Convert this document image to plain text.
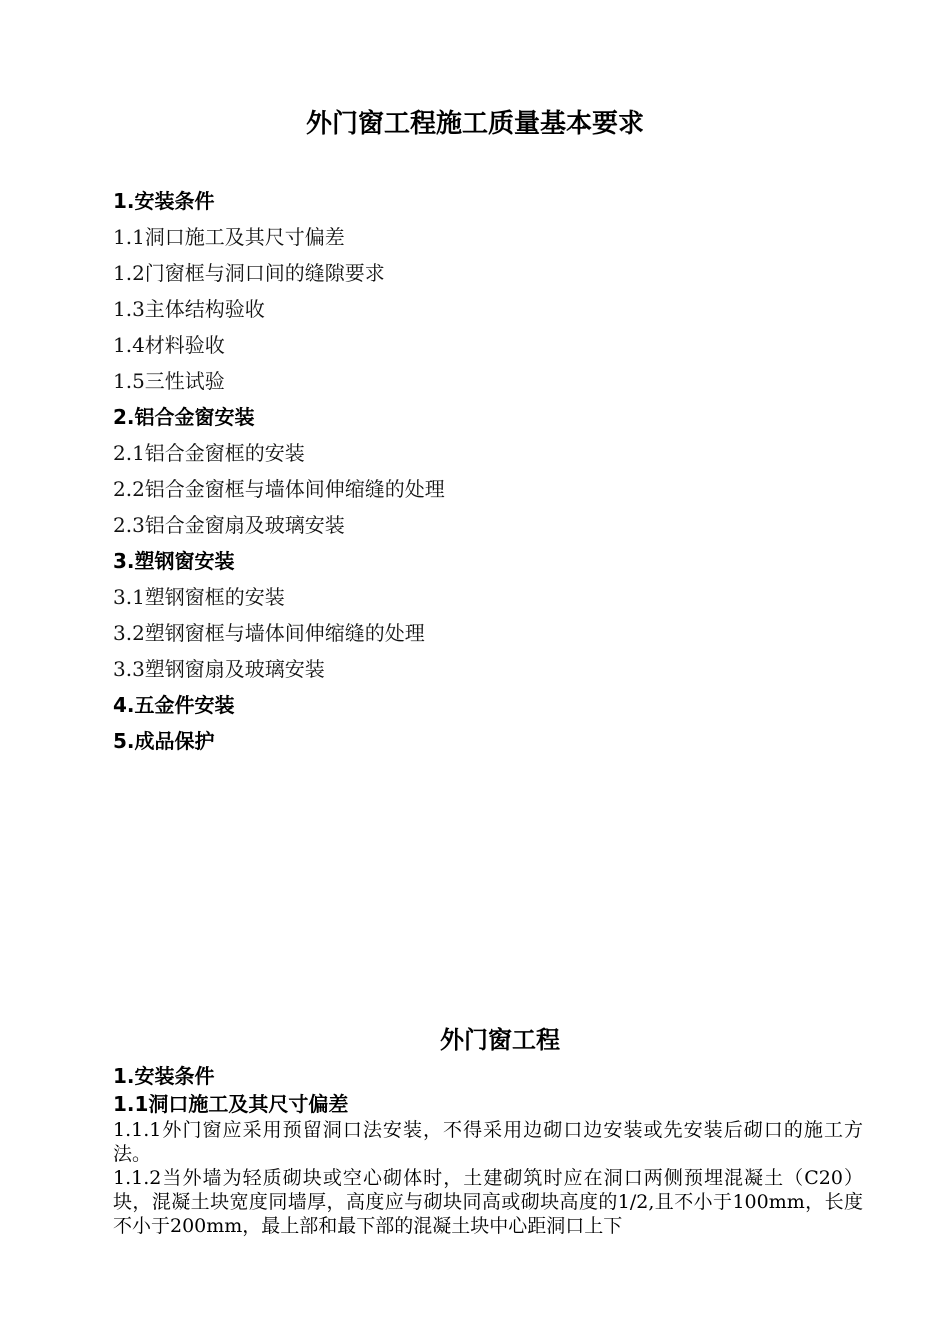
外门窗工程施工质量基本要求
1.安装条件
1.1洞口施工及其尺寸偏差
1.2门窗框与洞口间的缝隙要求
1.3主体结构验收
1.4材料验收
1.5三性试验
2.铝合金窗安装
2.1铝合金窗框的安装
2.2铝合金窗框与墙体间伸缩缝的处理
2.3铝合金窗扇及玻璃安装
3.塑钢窗安装
3.1塑钢窗框的安装
3.2塑钢窗框与墙体间伸缩缝的处理
3.3塑钢窗扇及玻璃安装
4.五金件安装
5.成品保护
外门窗工程
1.安装条件
1.1洞口施工及其尺寸偏差

1.1.1外门窗应采用预留洞口法安装，不得采用边砌口边安装或先安装后砌口的施工方法。

1.1.2当外墙为轻质砌块或空心砌体时，土建砌筑时应在洞口两侧预埋混凝土（C20）块，混凝土块宽度同墙厚，高度应与砌块同高或砌块高度的1/2,且不小于100mm，长度不小于200mm，最上部和最下部的混凝土块中心距洞口上下
